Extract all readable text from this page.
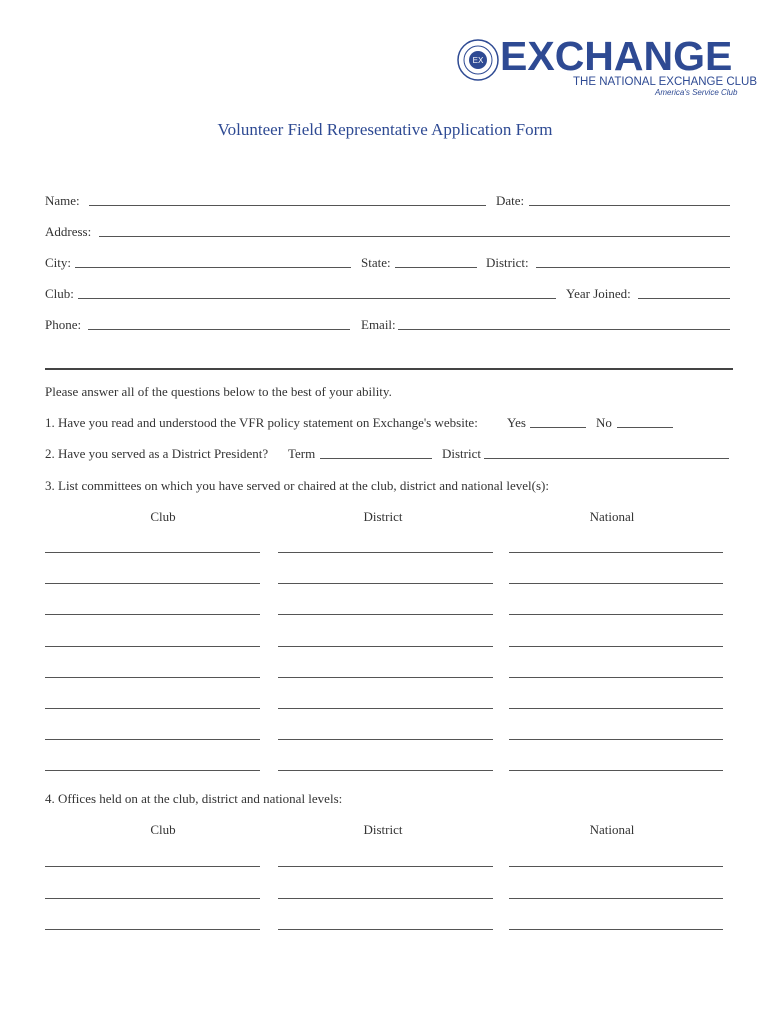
EX EXCHANGE
THE NATIONAL EXCHANGE CLUB
America's Service Club
Volunteer Field Representative Application Form
Name:	Date:
Address:
City:	State:	District:
Club:	Year Joined:
Phone:	Email:
Please answer all of the questions below to the best of your ability.
1. Have you read and understood the VFR policy statement on Exchange's website: Yes	No
2. Have you served as a District President? Term	District
3. List committees on which you have served or chaired at the club, district and national level(s):
Club	District	National
4. Offices held on at the club, district and national levels:
Club	District	National
